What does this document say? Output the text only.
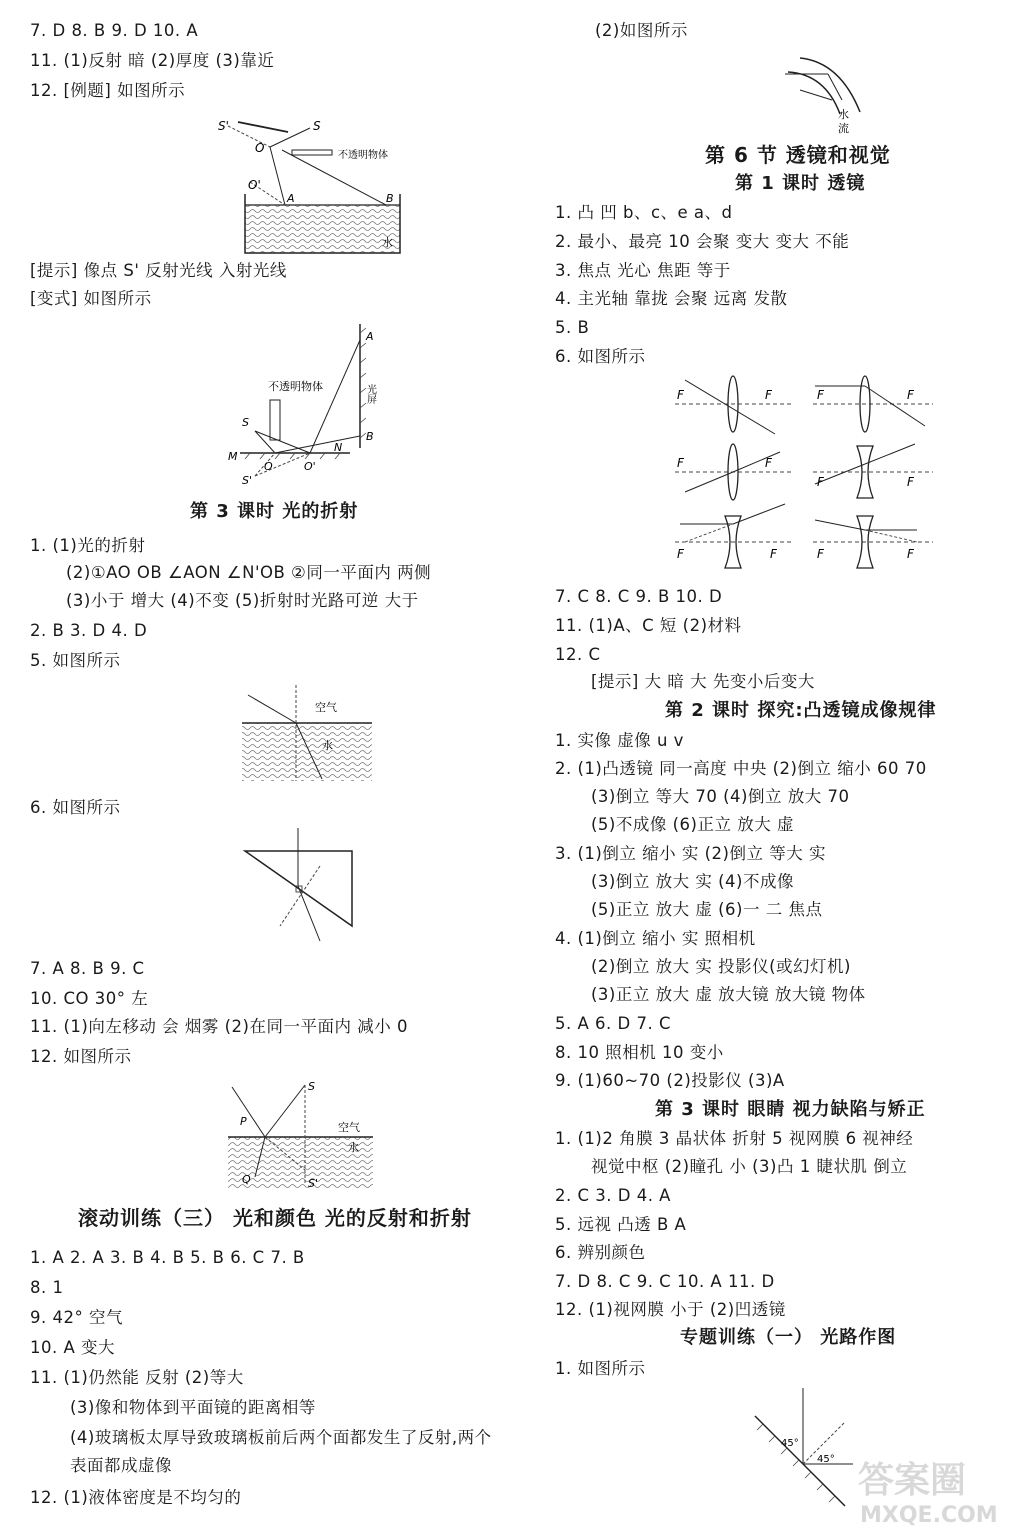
7. D 8. B 9. D 10. A
11. (1)反射 暗 (2)厚度 (3)靠近
12. [例题] 如图所示
S'	S
O
O'
A	B
不透明物体
水
[提示] 像点 S' 反射光线 入射光线
[变式] 如图所示
A
B
不透明物体	光屏
S
S'
M
N
O	O'
第 3 课时 光的折射
1. (1)光的折射
(2)①AO OB ∠AON ∠N'OB ②同一平面内 两侧
(3)小于 增大 (4)不变 (5)折射时光路可逆 大于
2. B 3. D 4. D
5. 如图所示
空气
水
6. 如图所示
7. A 8. B 9. C
10. CO 30° 左
11. (1)向左移动 会 烟雾 (2)在同一平面内 减小 0
12. 如图所示
S
P
Q	S'
空气
水
滚动训练（三） 光和颜色 光的反射和折射
1. A 2. A 3. B 4. B 5. B 6. C 7. B
8. 1
9. 42° 空气
10. A 变大
11. (1)仍然能 反射 (2)等大
(3)像和物体到平面镜的距离相等
(4)玻璃板太厚导致玻璃板前后两个面都发生了反射,两个
表面都成虚像
12. (1)液体密度是不均匀的
(2)如图所示
水
流
第 6 节 透镜和视觉
第 1 课时 透镜
1. 凸 凹 b、c、e a、d
2. 最小、最亮 10 会聚 变大 变大 不能
3. 焦点 光心 焦距 等于
4. 主光轴 靠拢 会聚 远离 发散
5. B
6. 如图所示
F	F	F	F
F	F
F	F
F	F	F	F
7. C 8. C 9. B 10. D
11. (1)A、C 短 (2)材料
12. C
[提示] 大 暗 大 先变小后变大
第 2 课时 探究:凸透镜成像规律
1. 实像 虚像 u v
2. (1)凸透镜 同一高度 中央 (2)倒立 缩小 60 70
(3)倒立 等大 70 (4)倒立 放大 70
(5)不成像 (6)正立 放大 虚
3. (1)倒立 缩小 实 (2)倒立 等大 实
(3)倒立 放大 实 (4)不成像
(5)正立 放大 虚 (6)一 二 焦点
4. (1)倒立 缩小 实 照相机
(2)倒立 放大 实 投影仪(或幻灯机)
(3)正立 放大 虚 放大镜 放大镜 物体
5. A 6. D 7. C
8. 10 照相机 10 变小
9. (1)60~70 (2)投影仪 (3)A
第 3 课时 眼睛 视力缺陷与矫正
1. (1)2 角膜 3 晶状体 折射 5 视网膜 6 视神经
视觉中枢 (2)瞳孔 小 (3)凸 1 睫状肌 倒立
2. C 3. D 4. A
5. 远视 凸透 B A
6. 辨别颜色
7. D 8. C 9. C 10. A 11. D
12. (1)视网膜 小于 (2)凹透镜
专题训练（一） 光路作图
1. 如图所示
45°
45°
答案圈
MXQE.COM
